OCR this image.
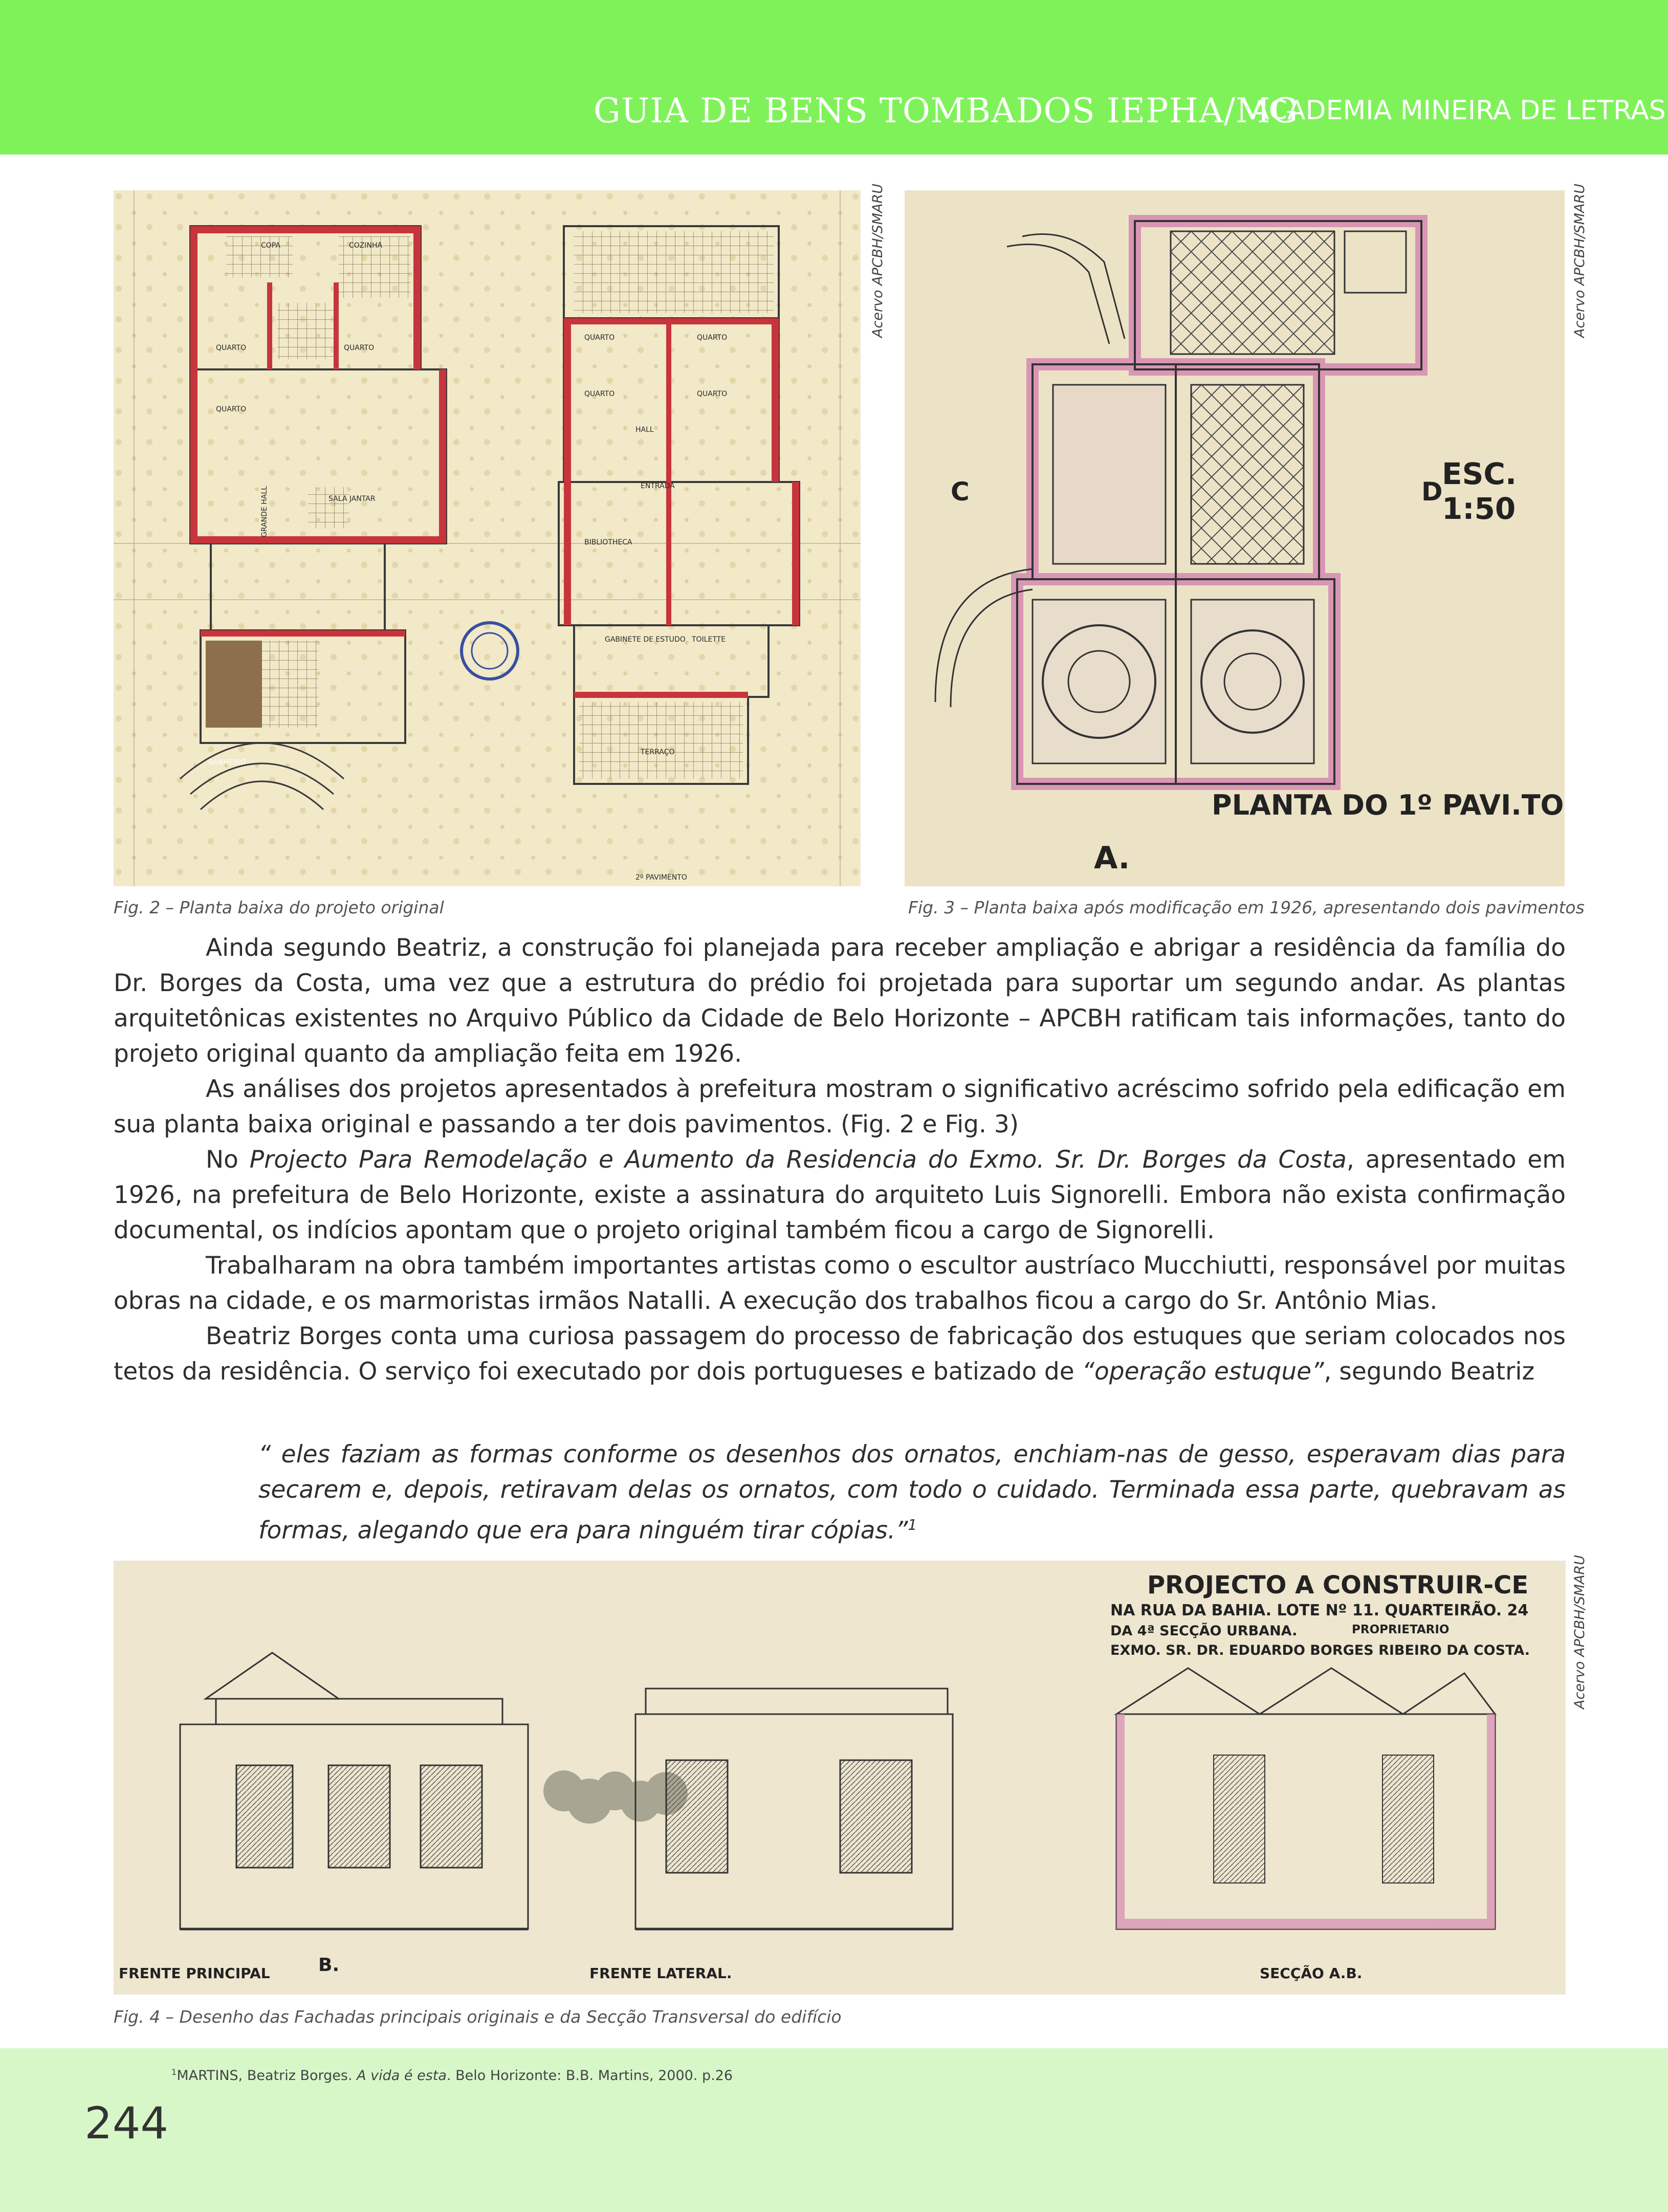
GUIA DE BENS TOMBADOS IEPHA/MG
ACADEMIA MINEIRA DE LETRAS
COPA	COZINHA
QUARTO
QUARTO
QUARTO
SALA JANTAR
GRANDE HALL
BANHEIRO
HALL
QUARTO	QUARTO
QUARTO	QUARTO
ENTRADA
BIBLIOTHECA
GABINETE DE ESTUDO TOILETTE
TERRAÇO
2º PAVIMENTO
Acervo APCBH/SMARU
ESC. 1:50
PLANTA DO 1º PAVI.TO
A.
C	D
Acervo APCBH/SMARU
Fig. 2 – Planta baixa do projeto original	Fig. 3 – Planta baixa após modificação em 1926, apresentando dois pavimentos

Ainda segundo Beatriz, a construção foi planejada para receber ampliação e abrigar a residência da família do Dr. Borges da Costa, uma vez que a estrutura do prédio foi projetada para suportar um segundo andar. As plantas arquitetônicas existentes no Arquivo Público da Cidade de Belo Horizonte – APCBH ratificam tais informações, tanto do projeto original quanto da ampliação feita em 1926.

As análises dos projetos apresentados à prefeitura mostram o significativo acréscimo sofrido pela edificação em sua planta baixa original e passando a ter dois pavimentos. (Fig. 2 e Fig. 3)

No Projecto Para Remodelação e Aumento da Residencia do Exmo. Sr. Dr. Borges da Costa, apresentado em 1926, na prefeitura de Belo Horizonte, existe a assinatura do arquiteto Luis Signorelli. Embora não exista confirmação documental, os indícios apontam que o projeto original também ficou a cargo de Signorelli.

Trabalharam na obra também importantes artistas como o escultor austríaco Mucchiutti, responsável por muitas obras na cidade, e os marmoristas irmãos Natalli. A execução dos trabalhos ficou a cargo do Sr. Antônio Mias.

Beatriz Borges conta uma curiosa passagem do processo de fabricação dos estuques que seriam colocados nos tetos da residência. O serviço foi executado por dois portugueses e batizado de “operação estuque”, segundo Beatriz

“ eles faziam as formas conforme os desenhos dos ornatos, enchiam-nas de gesso, esperavam dias para secarem e, depois, retiravam delas os ornatos, com todo o cuidado. Terminada essa parte, quebravam as formas, alegando que era para ninguém tirar cópias.”$^1$
PROJECTO A CONSTRUIR-CE
NA RUA DA BAHIA. LOTE Nº 11. QUARTEIRÃO. 24
DA 4ª SECÇÃO URBANA.	PROPRIETARIO
EXMO. SR. DR. EDUARDO BORGES RIBEIRO DA COSTA.
FRENTE PRINCIPAL	B.	FRENTE LATERAL.	SECÇÃO A.B.
Acervo APCBH/SMARU
Fig. 4 – Desenho das Fachadas principais originais e da Secção Transversal do edifício
$^1$MARTINS, Beatriz Borges. A vida é esta. Belo Horizonte: B.B. Martins, 2000. p.26
244
